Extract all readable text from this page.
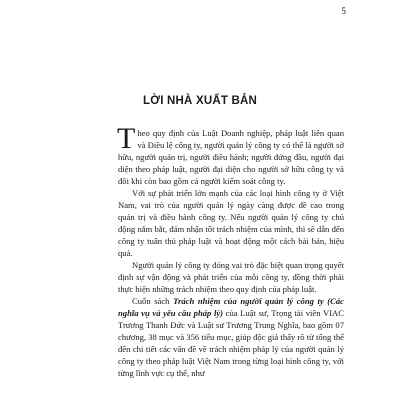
5
LỜI NHÀ XUẤT BẢN

Theo quy định của Luật Doanh nghiệp, pháp luật liên quan và Điều lệ công ty, người quản lý công ty có thể là người sở hữu, người quản trị, người điều hành; người đứng đầu, người đại diện theo pháp luật, người đại diện cho người sở hữu công ty và đôi khi còn bao gồm cả người kiểm soát công ty.

Với sự phát triển lớn mạnh của các loại hình công ty ở Việt Nam, vai trò của người quản lý ngày càng được đề cao trong quản trị và điều hành công ty. Nếu người quản lý công ty chủ động nắm bắt, đảm nhận tốt trách nhiệm của mình, thì sẽ dẫn đến công ty tuân thủ pháp luật và hoạt động một cách bài bản, hiệu quả.

Người quản lý công ty đóng vai trò đặc biệt quan trọng quyết định sự vận động và phát triển của mỗi công ty, đồng thời phải thực hiện những trách nhiệm theo quy định của pháp luật.

Cuốn sách Trách nhiệm của người quản lý công ty (Các nghĩa vụ và yêu cầu pháp lý) của Luật sư, Trọng tài viên VIAC Trương Thanh Đức và Luật sư Trương Trung Nghĩa, bao gồm 07 chương, 38 mục và 356 tiểu mục, giúp độc giả thấy rõ từ tổng thể đến chi tiết các vấn đề về trách nhiệm pháp lý của người quản lý công ty theo pháp luật Việt Nam trong từng loại hình công ty, với từng lĩnh vực cụ thể, như
